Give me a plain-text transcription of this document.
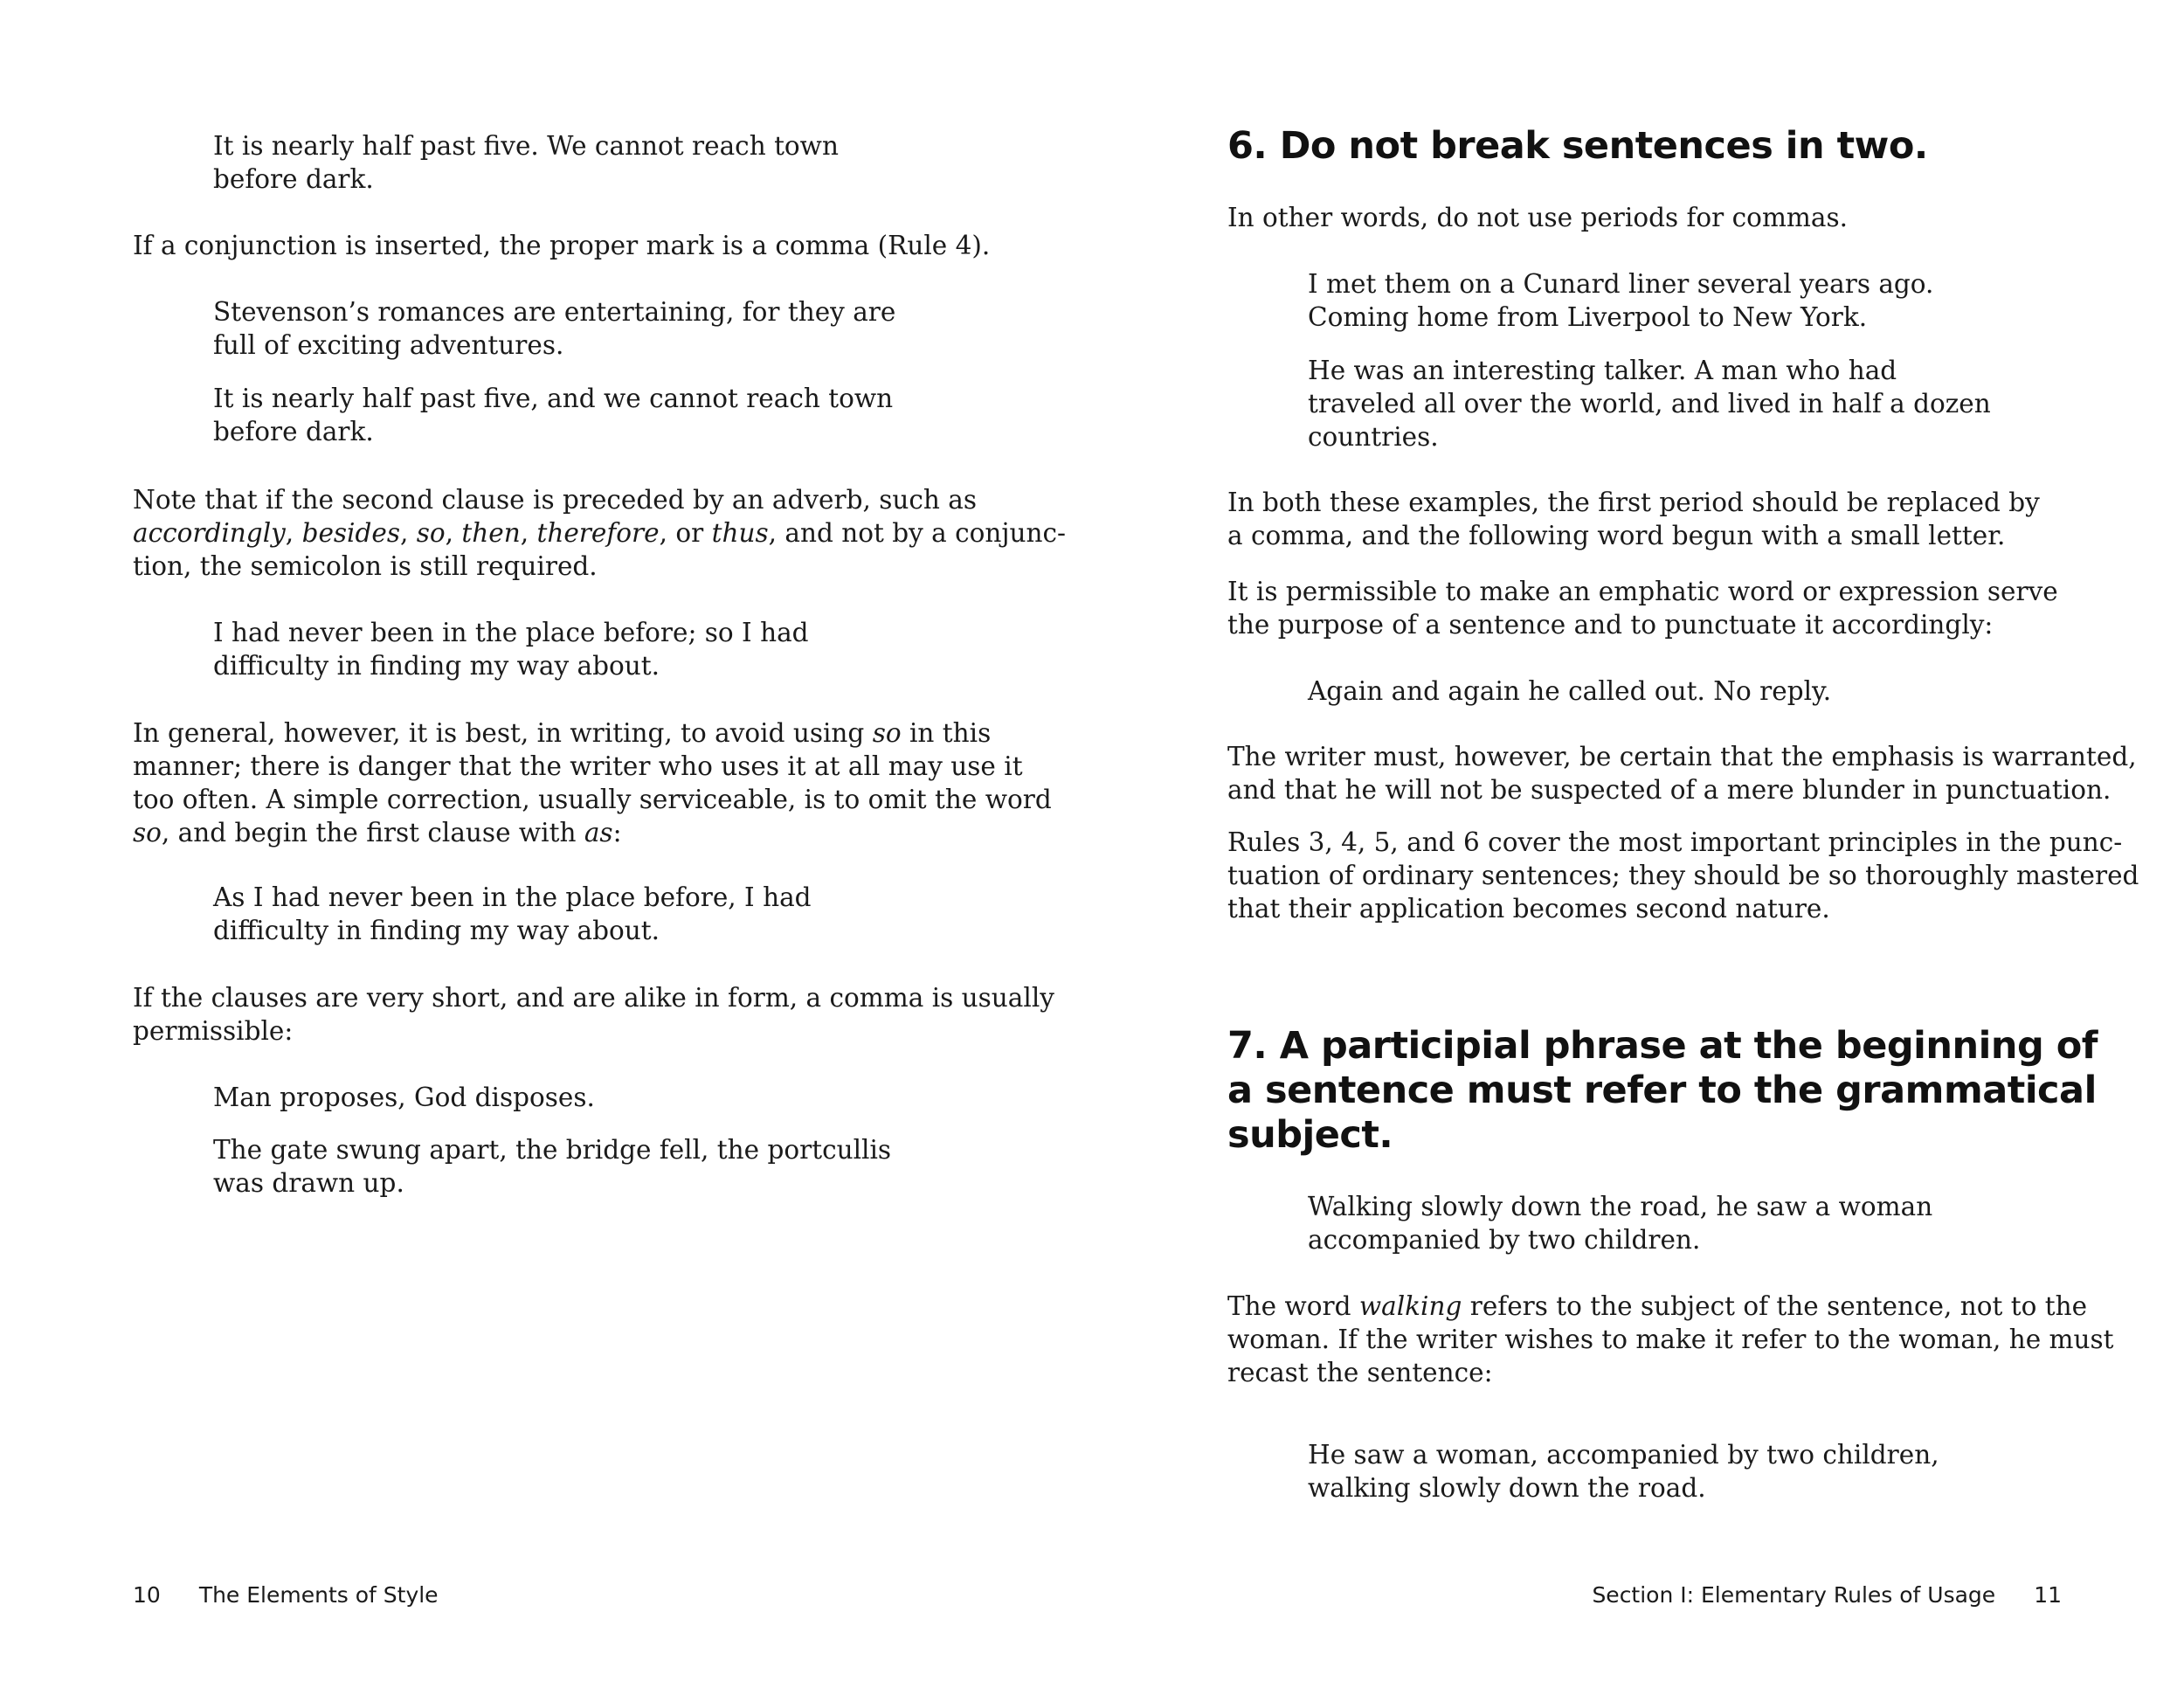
10 The Elements of Style
It is nearly half past five. We cannot reach town
before dark.
If a conjunction is inserted, the proper mark is a comma (Rule 4).
Stevenson’s romances are entertaining, for they are
full of exciting adventures.
It is nearly half past five, and we cannot reach town
before dark.
Note that if the second clause is preceded by an adverb, such as
accordingly, besides, so, then, therefore, or thus, and not by a conjunc-
tion, the semicolon is still required.
I had never been in the place before; so I had
difficulty in finding my way about.
In general, however, it is best, in writing, to avoid using so in this
manner; there is danger that the writer who uses it at all may use it
too often. A simple correction, usually serviceable, is to omit the word
so, and begin the first clause with as:
As I had never been in the place before, I had
difficulty in finding my way about.
If the clauses are very short, and are alike in form, a comma is usually
permissible:
Man proposes, God disposes.
The gate swung apart, the bridge fell, the portcullis
was drawn up.
Section I: Elementary Rules of Usage 11
6. Do not break sentences in two.
In other words, do not use periods for commas.
I met them on a Cunard liner several years ago.
Coming home from Liverpool to New York.
He was an interesting talker. A man who had
traveled all over the world, and lived in half a dozen
countries.
In both these examples, the first period should be replaced by
a comma, and the following word begun with a small letter.
It is permissible to make an emphatic word or expression serve
the purpose of a sentence and to punctuate it accordingly:
Again and again he called out. No reply.
The writer must, however, be certain that the emphasis is warranted,
and that he will not be suspected of a mere blunder in punctuation.
Rules 3, 4, 5, and 6 cover the most important principles in the punc-
tuation of ordinary sentences; they should be so thoroughly mastered
that their application becomes second nature.
7. A participial phrase at the beginning of
a sentence must refer to the grammatical
subject.
Walking slowly down the road, he saw a woman
accompanied by two children.
The word walking refers to the subject of the sentence, not to the
woman. If the writer wishes to make it refer to the woman, he must
recast the sentence:
He saw a woman, accompanied by two children,
walking slowly down the road.
